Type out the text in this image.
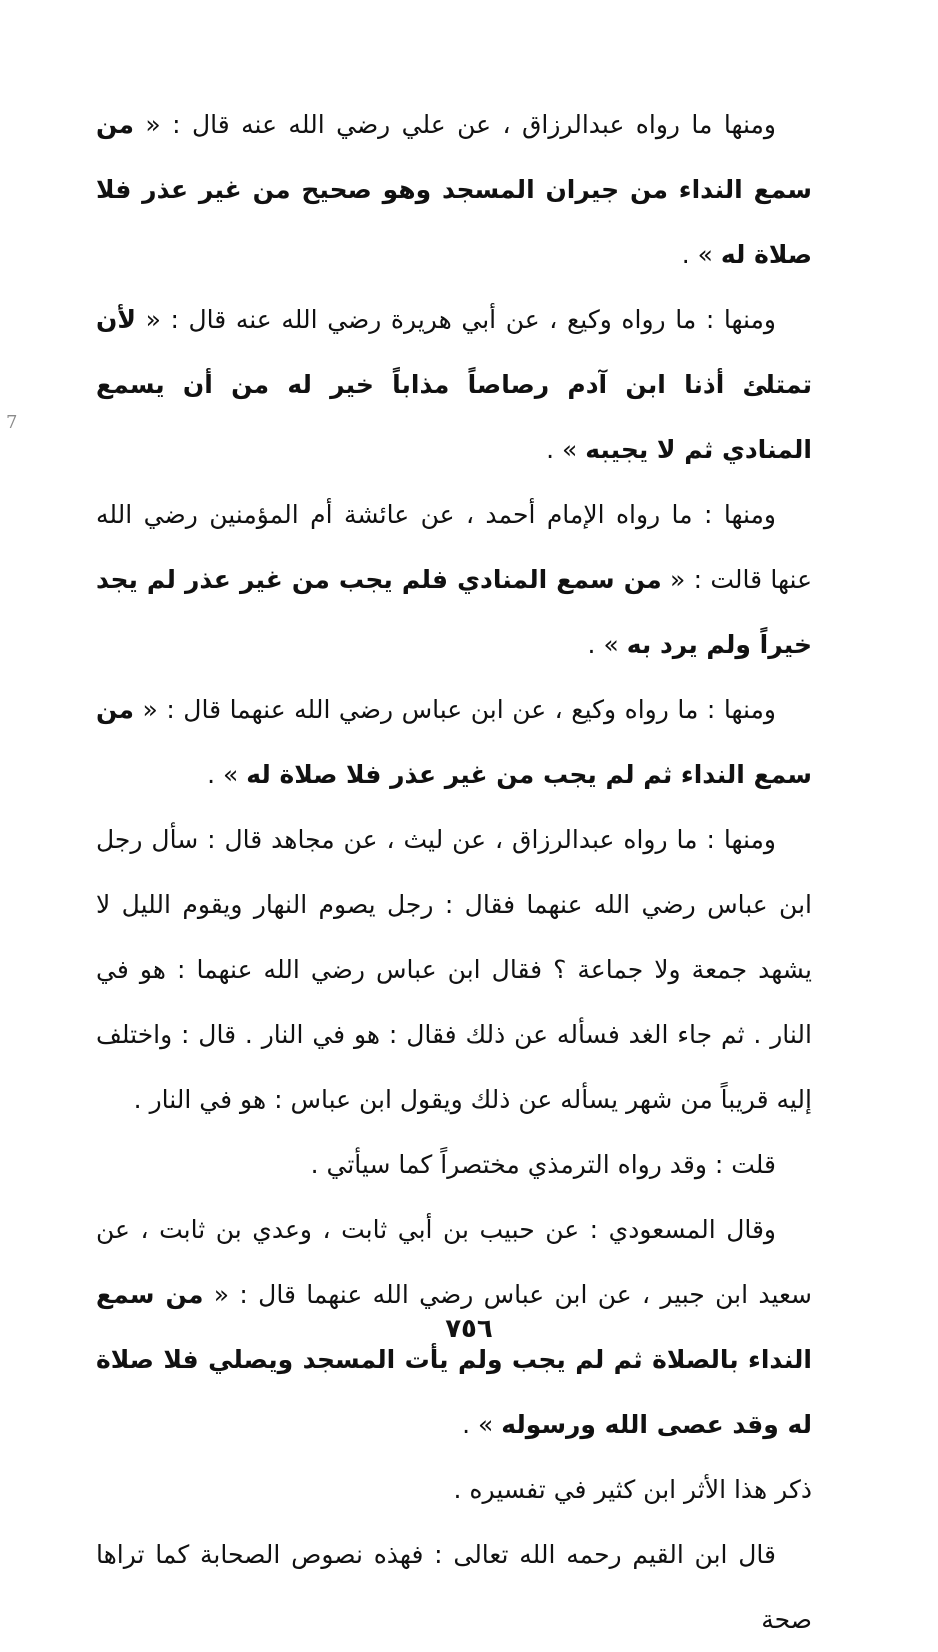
7

ومنها ما رواه عبدالرزاق ، عن علي رضي الله عنه قال : « من سمع النداء من جيران المسجد وهو صحيح من غير عذر فلا صلاة له » .

ومنها : ما رواه وكيع ، عن أبي هريرة رضي الله عنه قال : « لأن تمتلئ أذنا ابن آدم رصاصاً مذاباً خير له من أن يسمع المنادي ثم لا يجيبه » .

ومنها : ما رواه الإمام أحمد ، عن عائشة أم المؤمنين رضي الله عنها قالت : « من سمع المنادي فلم يجب من غير عذر لم يجد خيراً ولم يرد به » .

ومنها : ما رواه وكيع ، عن ابن عباس رضي الله عنهما قال : « من سمع النداء ثم لم يجب من غير عذر فلا صلاة له » .

ومنها : ما رواه عبدالرزاق ، عن ليث ، عن مجاهد قال : سأل رجل ابن عباس رضي الله عنهما فقال : رجل يصوم النهار ويقوم الليل لا يشهد جمعة ولا جماعة ؟ فقال ابن عباس رضي الله عنهما : هو في النار . ثم جاء الغد فسأله عن ذلك فقال : هو في النار . قال : واختلف إليه قريباً من شهر يسأله عن ذلك ويقول ابن عباس : هو في النار .

قلت : وقد رواه الترمذي مختصراً كما سيأتي .

وقال المسعودي : عن حبيب بن أبي ثابت ، وعدي بن ثابت ، عن سعيد ابن جبير ، عن ابن عباس رضي الله عنهما قال : « من سمع النداء بالصلاة ثم لم يجب ولم يأت المسجد ويصلي فلا صلاة له وقد عصى الله ورسوله » .

ذكر هذا الأثر ابن كثير في تفسيره .

قال ابن القيم رحمه الله تعالى : فهذه نصوص الصحابة كما تراها صحة

٧٥٦
